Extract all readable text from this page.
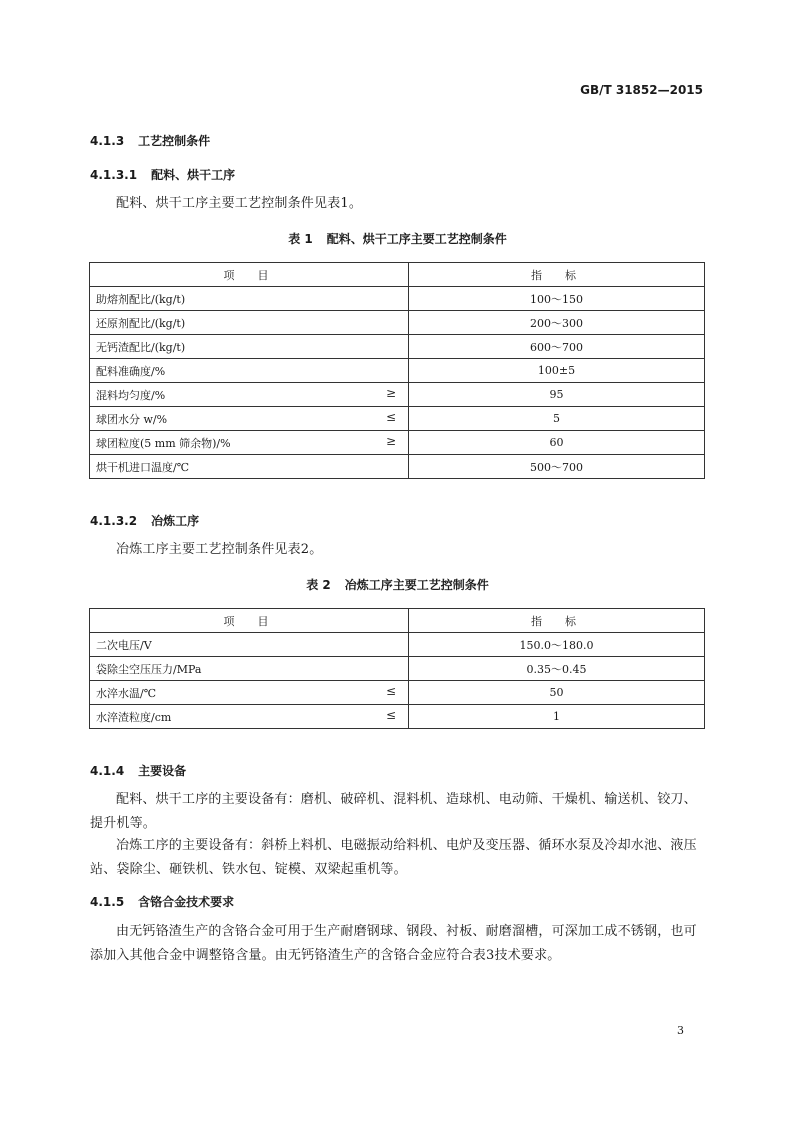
GB/T 31852—2015
4.1.3 工艺控制条件
4.1.3.1 配料、烘干工序
配料、烘干工序主要工艺控制条件见表1。
表 1 配料、烘干工序主要工艺控制条件
项　目	指　标
助熔剂配比/(kg/t)	100～150
还原剂配比/(kg/t)	200～300
无钙渣配比/(kg/t)	600～700
配料准确度/%	100±5
混料均匀度/% ≥	95
球团水分 w/% ≤	5
球团粒度(5 mm 筛余物)/% ≥	60
烘干机进口温度/℃	500～700
4.1.3.2 冶炼工序
冶炼工序主要工艺控制条件见表2。
表 2 冶炼工序主要工艺控制条件
项　目	指　标
二次电压/V	150.0～180.0
袋除尘空压压力/MPa	0.35～0.45
水淬水温/℃ ≤	50
水淬渣粒度/cm ≤	1
4.1.4 主要设备
配料、烘干工序的主要设备有：磨机、破碎机、混料机、造球机、电动筛、干燥机、输送机、铰刀、提升机等。
冶炼工序的主要设备有：斜桥上料机、电磁振动给料机、电炉及变压器、循环水泵及冷却水池、液压站、袋除尘、砸铁机、铁水包、锭模、双梁起重机等。
4.1.5 含铬合金技术要求
由无钙铬渣生产的含铬合金可用于生产耐磨钢球、钢段、衬板、耐磨溜槽，可深加工成不锈钢，也可添加入其他合金中调整铬含量。由无钙铬渣生产的含铬合金应符合表3技术要求。
3
